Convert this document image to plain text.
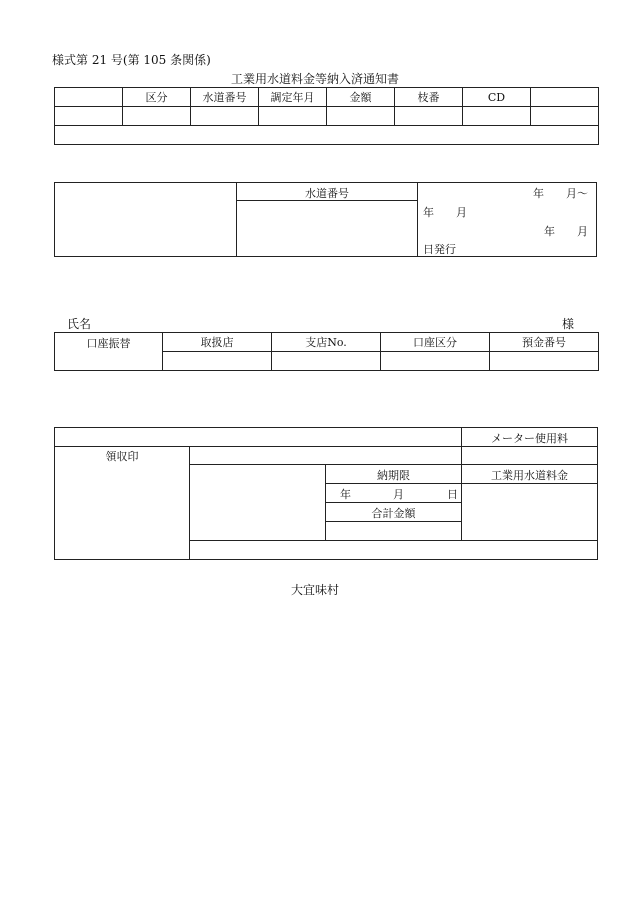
様式第 21 号(第 105 条関係)
工業用水道料金等納入済通知書
	区分	水道番号	調定年月	金額	枝番	CD	

水道番号	年　　月～
年　　月
年　　月
日発行
氏名	様
口座振替	取扱店	支店No.	口座区分	預金番号

メーター使用料
領収印
納期限	工業用水道料金
年	月	日
合計金額
大宜味村
